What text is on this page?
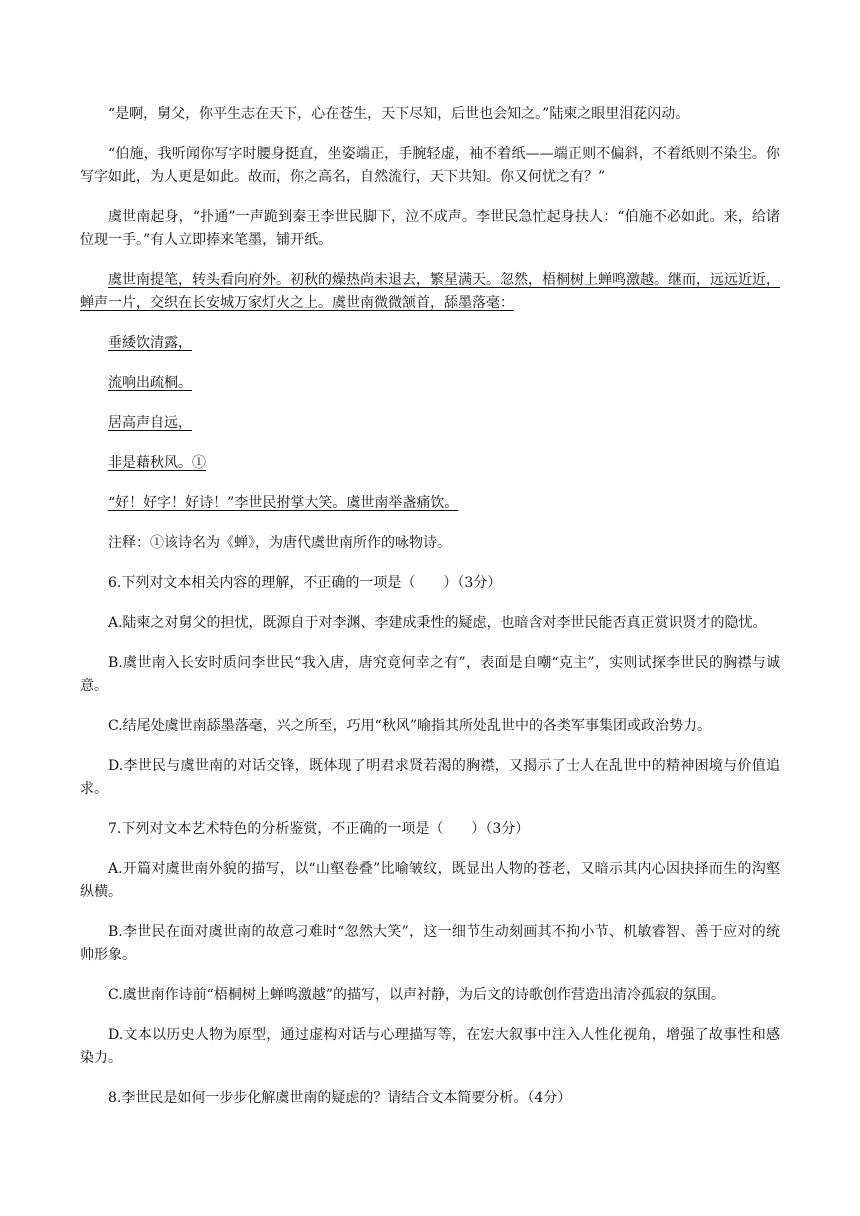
“是啊，舅父，你平生志在天下，心在苍生，天下尽知，后世也会知之。”陆柬之眼里泪花闪动。

“伯施，我听闻你写字时腰身挺直，坐姿端正，手腕轻虚，袖不着纸——端正则不偏斜，不着纸则不染尘。你写字如此，为人更是如此。故而，你之高名，自然流行，天下共知。你又何忧之有？”

虞世南起身，“扑通”一声跪到秦王李世民脚下，泣不成声。李世民急忙起身扶人：“伯施不必如此。来，给诸位现一手。”有人立即捧来笔墨，铺开纸。

虞世南提笔，转头看向府外。初秋的燥热尚未退去，繁星满天。忽然，梧桐树上蝉鸣激越。继而，远远近近，蝉声一片，交织在长安城万家灯火之上。虞世南微微颔首，舔墨落毫：

垂緌饮清露，

流响出疏桐。

居高声自远，

非是藉秋风。①

“好！好字！好诗！”李世民拊掌大笑。虞世南举盏痛饮。

注释：①该诗名为《蝉》，为唐代虞世南所作的咏物诗。

6.下列对文本相关内容的理解，不正确的一项是（　　）（3分）

A.陆柬之对舅父的担忧，既源自于对李渊、李建成秉性的疑虑，也暗含对李世民能否真正赏识贤才的隐忧。

B.虞世南入长安时质问李世民“我入唐，唐究竟何幸之有”，表面是自嘲“克主”，实则试探李世民的胸襟与诚意。

C.结尾处虞世南舔墨落毫，兴之所至，巧用“秋风”喻指其所处乱世中的各类军事集团或政治势力。

D.李世民与虞世南的对话交锋，既体现了明君求贤若渴的胸襟，又揭示了士人在乱世中的精神困境与价值追求。

7.下列对文本艺术特色的分析鉴赏，不正确的一项是（　　）（3分）

A.开篇对虞世南外貌的描写，以“山壑卷叠”比喻皱纹，既显出人物的苍老，又暗示其内心因抉择而生的沟壑纵横。

B.李世民在面对虞世南的故意刁难时“忽然大笑”，这一细节生动刻画其不拘小节、机敏睿智、善于应对的统帅形象。

C.虞世南作诗前“梧桐树上蝉鸣激越”的描写，以声衬静，为后文的诗歌创作营造出清冷孤寂的氛围。

D.文本以历史人物为原型，通过虚构对话与心理描写等，在宏大叙事中注入人性化视角，增强了故事性和感染力。

8.李世民是如何一步步化解虞世南的疑虑的？请结合文本简要分析。（4分）
